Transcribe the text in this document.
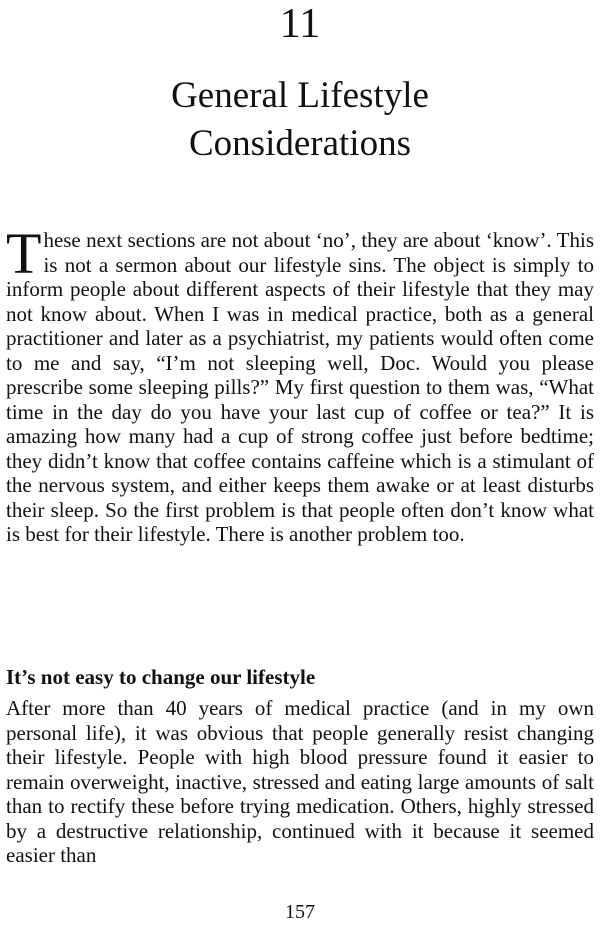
11
General Lifestyle
Considerations

These next sections are not about ‘no’, they are about ‘know’. This is not a sermon about our lifestyle sins. The object is simply to inform people about different aspects of their lifestyle that they may not know about. When I was in medical practice, both as a general practitioner and later as a psychiatrist, my patients would often come to me and say, “I’m not sleeping well, Doc. Would you please prescribe some sleeping pills?” My first question to them was, “What time in the day do you have your last cup of coffee or tea?” It is amazing how many had a cup of strong coffee just before bedtime; they didn’t know that coffee contains caffeine which is a stimulant of the nervous system, and either keeps them awake or at least disturbs their sleep. So the first problem is that people often don’t know what is best for their lifestyle. There is another problem too.

It’s not easy to change our lifestyle

After more than 40 years of medical practice (and in my own personal life), it was obvious that people generally resist changing their lifestyle. People with high blood pressure found it easier to remain overweight, inactive, stressed and eating large amounts of salt than to rectify these before trying medication. Others, highly stressed by a destructive relationship, continued with it because it seemed easier than

157
